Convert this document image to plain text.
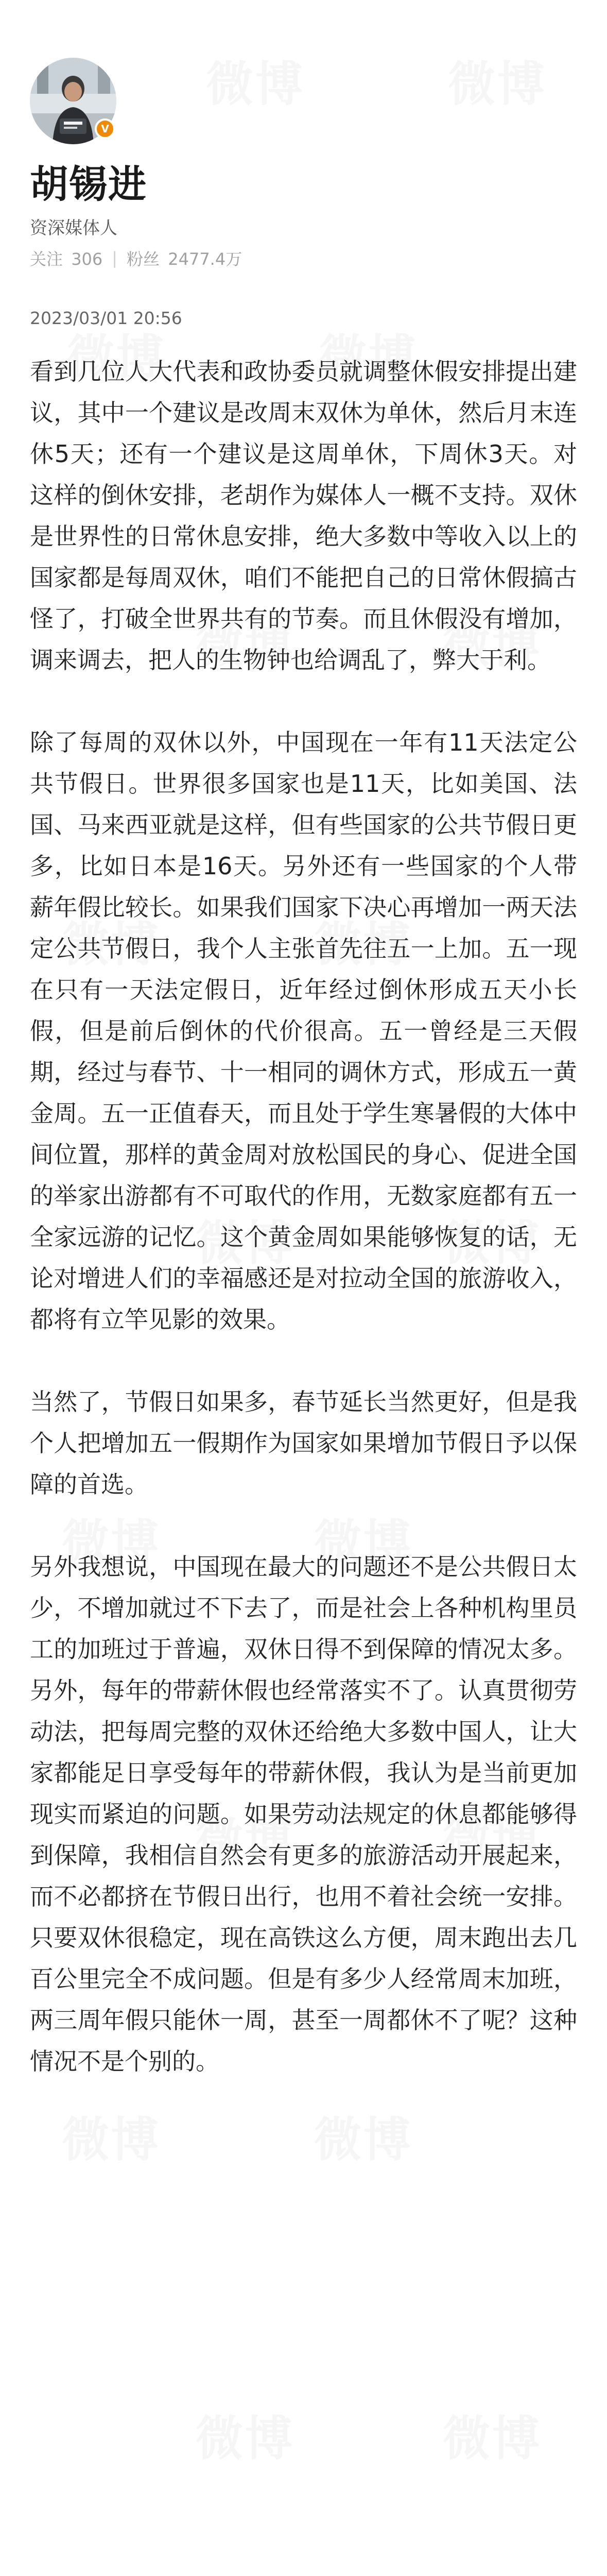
V
胡锡进
资深媒体人
关注 306 | 粉丝 2477.4万
2023/03/01 20:56

看到几位人大代表和政协委员就调整休假安排提出建议，其中一个建议是改周末双休为单休，然后月末连休5天；还有一个建议是这周单休，下周休3天。对这样的倒休安排，老胡作为媒体人一概不支持。双休是世界性的日常休息安排，绝大多数中等收入以上的国家都是每周双休，咱们不能把自己的日常休假搞古怪了，打破全世界共有的节奏。而且休假没有增加，调来调去，把人的生物钟也给调乱了，弊大于利。

除了每周的双休以外，中国现在一年有11天法定公共节假日。世界很多国家也是11天，比如美国、法国、马来西亚就是这样，但有些国家的公共节假日更多，比如日本是16天。另外还有一些国家的个人带薪年假比较长。如果我们国家下决心再增加一两天法定公共节假日，我个人主张首先往五一上加。五一现在只有一天法定假日，近年经过倒休形成五天小长假，但是前后倒休的代价很高。五一曾经是三天假期，经过与春节、十一相同的调休方式，形成五一黄金周。五一正值春天，而且处于学生寒暑假的大体中间位置，那样的黄金周对放松国民的身心、促进全国的举家出游都有不可取代的作用，无数家庭都有五一全家远游的记忆。这个黄金周如果能够恢复的话，无论对增进人们的幸福感还是对拉动全国的旅游收入，都将有立竿见影的效果。

当然了，节假日如果多，春节延长当然更好，但是我个人把增加五一假期作为国家如果增加节假日予以保障的首选。

另外我想说，中国现在最大的问题还不是公共假日太少，不增加就过不下去了，而是社会上各种机构里员工的加班过于普遍，双休日得不到保障的情况太多。另外，每年的带薪休假也经常落实不了。认真贯彻劳动法，把每周完整的双休还给绝大多数中国人，让大家都能足日享受每年的带薪休假，我认为是当前更加现实而紧迫的问题。如果劳动法规定的休息都能够得到保障，我相信自然会有更多的旅游活动开展起来，而不必都挤在节假日出行，也用不着社会统一安排。只要双休很稳定，现在高铁这么方便，周末跑出去几百公里完全不成问题。但是有多少人经常周末加班，两三周年假只能休一周，甚至一周都休不了呢？这种情况不是个别的。
